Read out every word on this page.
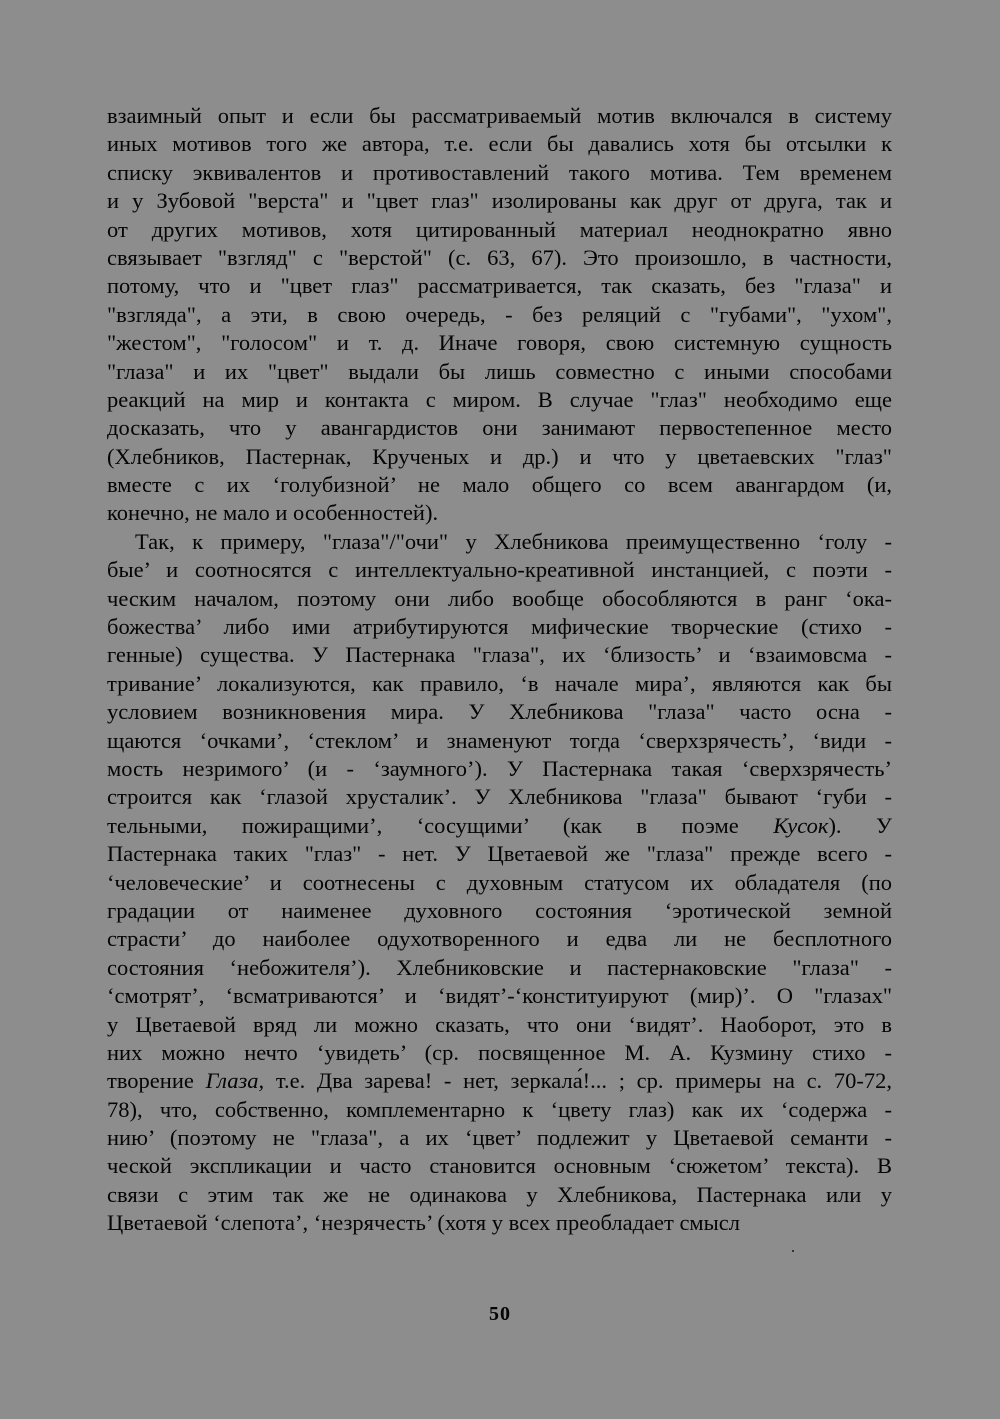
взаимный опыт и если бы рассматриваемый мотив включался в систему
иных мотивов того же автора, т.е. если бы давались хотя бы отсылки к
списку эквивалентов и противоставлений такого мотива. Тем временем
и у Зубовой "верста" и "цвет глаз" изолированы как друг от друга, так и
от других мотивов, хотя цитированный материал неоднократно явно
связывает "взгляд" с "верстой" (с. 63, 67). Это произошло, в частности,
потому, что и "цвет глаз" рассматривается, так сказать, без "глаза" и
"взгляда", а эти, в свою очередь, - без реляций с "губами", "ухом",
"жестом", "голосом" и т. д. Иначе говоря, свою системную сущность
"глаза" и их "цвет" выдали бы лишь совместно с иными способами
реакций на мир и контакта с миром. В случае "глаз" необходимо еще
досказать, что у авангардистов они занимают первостепенное место
(Хлебников, Пастернак, Крученых и др.) и что у цветаевских "глаз"
вместе с их ‘голубизной’ не мало общего со всем авангардом (и,
конечно, не мало и особенностей).
Так, к примеру, "глаза"/"очи" у Хлебникова преимущественно ‘голу -
бые’ и соотносятся с интеллектуально-креативной инстанцией, с поэти -
ческим началом, поэтому они либо вообще обособляются в ранг ‘ока-
божества’ либо ими атрибутируются мифические творческие (стихо -
генные) существа. У Пастернака "глаза", их ‘близость’ и ‘взаимовсма -
тривание’ локализуются, как правило, ‘в начале мира’, являются как бы
условием возникновения мира. У Хлебникова "глаза" часто осна -
щаются ‘очками’, ‘стеклом’ и знаменуют тогда ‘сверхзрячесть’, ‘види -
мость незримого’ (и - ‘заумного’). У Пастернака такая ‘сверхзрячесть’
строится как ‘глазой хрусталик’. У Хлебникова "глаза" бывают ‘губи -
тельными, пожиращими’, ‘сосущими’ (как в поэме Кусок). У
Пастернака таких "глаз" - нет. У Цветаевой же "глаза" прежде всего -
‘человеческие’ и соотнесены с духовным статусом их обладателя (по
градации от наименее духовного состояния ‘эротической земной
страсти’ до наиболее одухотворенного и едва ли не бесплотного
состояния ‘небожителя’). Хлебниковские и пастернаковские "глаза" -
‘смотрят’, ‘всматриваются’ и ‘видят’-‘конституируют (мир)’. О "глазах"
у Цветаевой вряд ли можно сказать, что они ‘видят’. Наоборот, это в
них можно нечто ‘увидеть’ (ср. посвященное М. А. Кузмину стихо -
творение Глаза, т.е. Два зарева! - нет, зеркала́!... ; ср. примеры на с. 70-72,
78), что, собственно, комплементарно к ‘цвету глаз) как их ‘содержа -
нию’ (поэтому не "глаза", а их ‘цвет’ подлежит у Цветаевой семанти -
ческой экспликации и часто становится основным ‘сюжетом’ текста). В
связи с этим так же не одинакова у Хлебникова, Пастернака или у
Цветаевой ‘слепота’, ‘незрячесть’ (хотя у всех преобладает смысл
50
